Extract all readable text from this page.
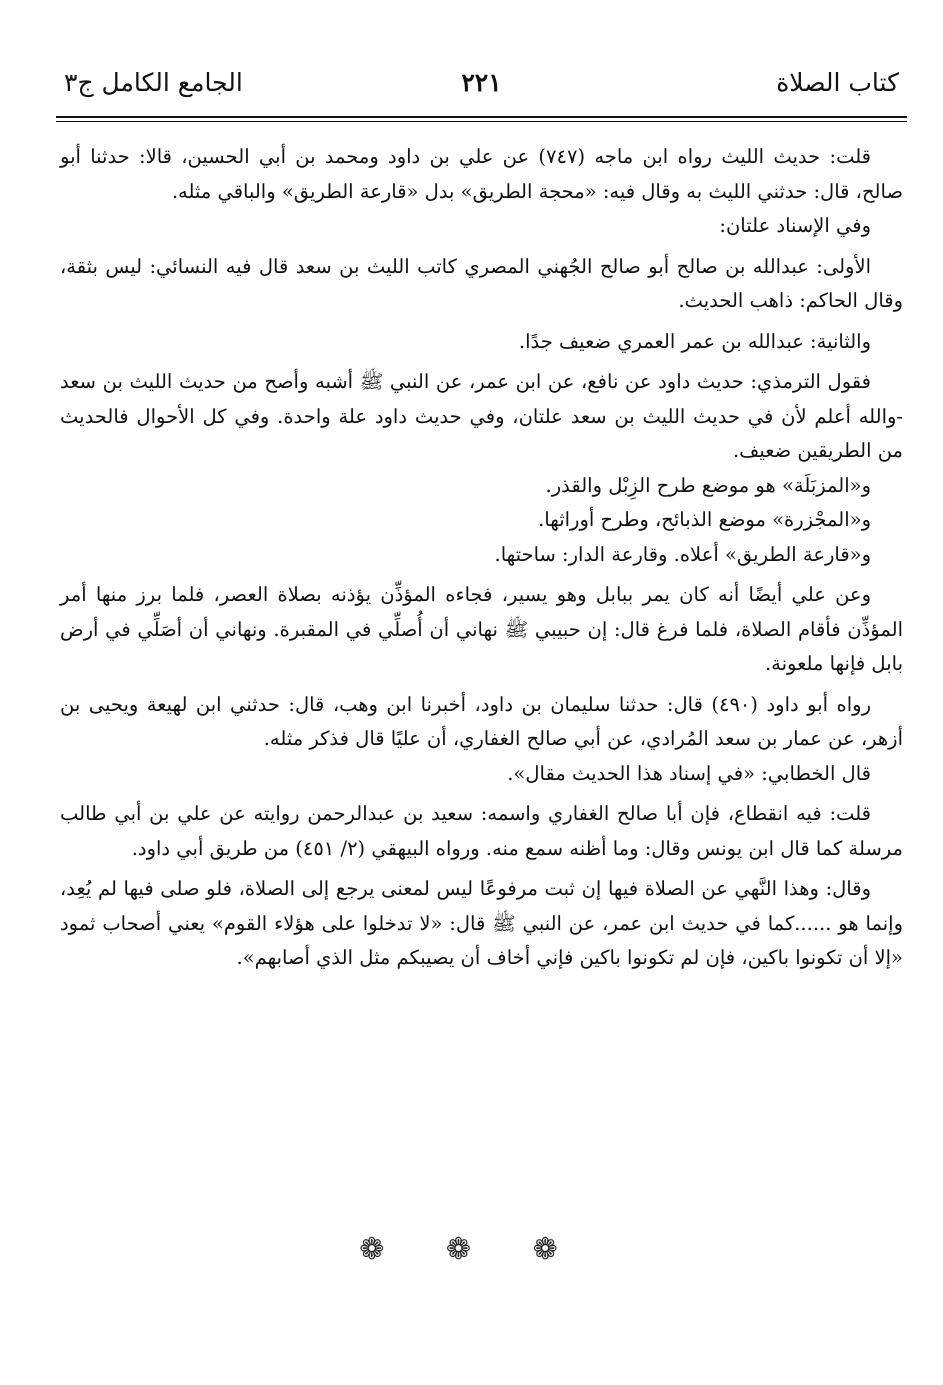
كتاب الصلاة
٢٢١
الجامع الكامل ج٣

قلت: حديث الليث رواه ابن ماجه (٧٤٧) عن علي بن داود ومحمد بن أبي الحسين، قالا: حدثنا أبو صالح، قال: حدثني الليث به وقال فيه: «محجة الطريق» بدل «قارعة الطريق» والباقي مثله.

وفي الإسناد علتان:

الأولى: عبدالله بن صالح أبو صالح الجُهني المصري كاتب الليث بن سعد قال فيه النسائي: ليس بثقة، وقال الحاكم: ذاهب الحديث.

والثانية: عبدالله بن عمر العمري ضعيف جدًا.

فقول الترمذي: حديث داود عن نافع، عن ابن عمر، عن النبي ﷺ أشبه وأصح من حديث الليث بن سعد -والله أعلم لأن في حديث الليث بن سعد علتان، وفي حديث داود علة واحدة. وفي كل الأحوال فالحديث من الطريقين ضعيف.

و«المزبَلَة» هو موضع طرح الزِبْل والقذر.

و«المجْزرة» موضع الذبائح، وطرح أوراثها.

و«قارعة الطريق» أعلاه. وقارعة الدار: ساحتها.

وعن علي أيضًا أنه كان يمر ببابل وهو يسير، فجاءه المؤذِّن يؤذنه بصلاة العصر، فلما برز منها أمر المؤذِّن فأقام الصلاة، فلما فرغ قال: إن حبيبي ﷺ نهاني أن أُصلِّي في المقبرة. ونهاني أن أصَلِّي في أرض بابل فإنها ملعونة.

رواه أبو داود (٤٩٠) قال: حدثنا سليمان بن داود، أخبرنا ابن وهب، قال: حدثني ابن لهيعة ويحيى بن أزهر، عن عمار بن سعد المُرادي، عن أبي صالح الغفاري، أن عليًا قال فذكر مثله.

قال الخطابي: «في إسناد هذا الحديث مقال».

قلت: فيه انقطاع، فإن أبا صالح الغفاري واسمه: سعيد بن عبدالرحمن روايته عن علي بن أبي طالب مرسلة كما قال ابن يونس وقال: وما أظنه سمع منه. ورواه البيهقي (٢/ ٤٥١) من طريق أبي داود.

وقال: وهذا النَّهي عن الصلاة فيها إن ثبت مرفوعًا ليس لمعنى يرجع إلى الصلاة، فلو صلى فيها لم يُعِد، وإنما هو ......كما في حديث ابن عمر، عن النبي ﷺ قال: «لا تدخلوا على هؤلاء القوم» يعني أصحاب ثمود «إلا أن تكونوا باكين، فإن لم تكونوا باكين فإني أخاف أن يصيبكم مثل الذي أصابهم».

❁ ❁ ❁
